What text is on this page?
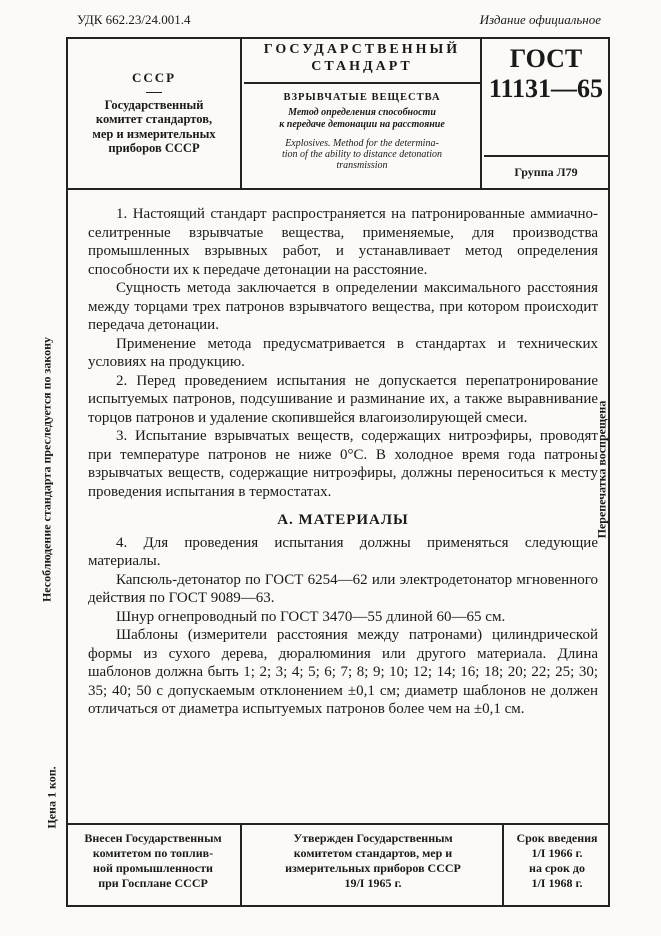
УДК 662.23/24.001.4	Издание официальное
СССР
Государственный
комитет стандартов,
мер и измерительных
приборов СССР
ГОСУДАРСТВЕННЫЙ
СТАНДАРТ
ВЗРЫВЧАТЫЕ ВЕЩЕСТВА
Метод определения способности
к передаче детонации на расстояние
Explosives. Method for the determina-
tion of the ability to distance detonation
transmission
ГОСТ
11131—65
Группа Л79

1. Настоящий стандарт распространяется на патронированные аммиачно-селитренные взрывчатые вещества, применяемые, для производства промышленных взрывных работ, и устанавливает метод определения способности их к передаче детонации на расстояние.

Сущность метода заключается в определении максимального расстояния между торцами трех патронов взрывчатого вещества, при котором происходит передача детонации.

Применение метода предусматривается в стандартах и технических условиях на продукцию.

2. Перед проведением испытания не допускается перепатронирование испытуемых патронов, подсушивание и разминание их, а также выравнивание торцов патронов и удаление скопившейся влагоизолирующей смеси.

3. Испытание взрывчатых веществ, содержащих нитроэфиры, проводят при температуре патронов не ниже 0°С. В холодное время года патроны взрывчатых веществ, содержащие нитроэфиры, должны переноситься к месту проведения испытания в термостатах.

А. МАТЕРИАЛЫ

4. Для проведения испытания должны применяться следующие материалы.

Капсюль-детонатор по ГОСТ 6254—62 или электродетонатор мгновенного действия по ГОСТ 9089—63.

Шнур огнепроводный по ГОСТ 3470—55 длиной 60—65 см.

Шаблоны (измерители расстояния между патронами) цилиндрической формы из сухого дерева, дюралюминия или другого материала. Длина шаблонов должна быть 1; 2; 3; 4; 5; 6; 7; 8; 9; 10; 12; 14; 16; 18; 20; 22; 25; 30; 35; 40; 50 с допускаемым отклонением ±0,1 см; диаметр шаблонов не должен отличаться от диаметра испытуемых патронов более чем на ±0,1 см.

Несоблюдение стандарта преследуется по закону	Перепечатка воспрещена
Цена 1 коп.
Внесен Государственным
комитетом по топлив-
ной промышленности
при Госплане СССР
Утвержден Государственным
комитетом стандартов, мер и
измерительных приборов СССР
19/I 1965 г.
Срок введения
1/I 1966 г.
на срок до
1/I 1968 г.
